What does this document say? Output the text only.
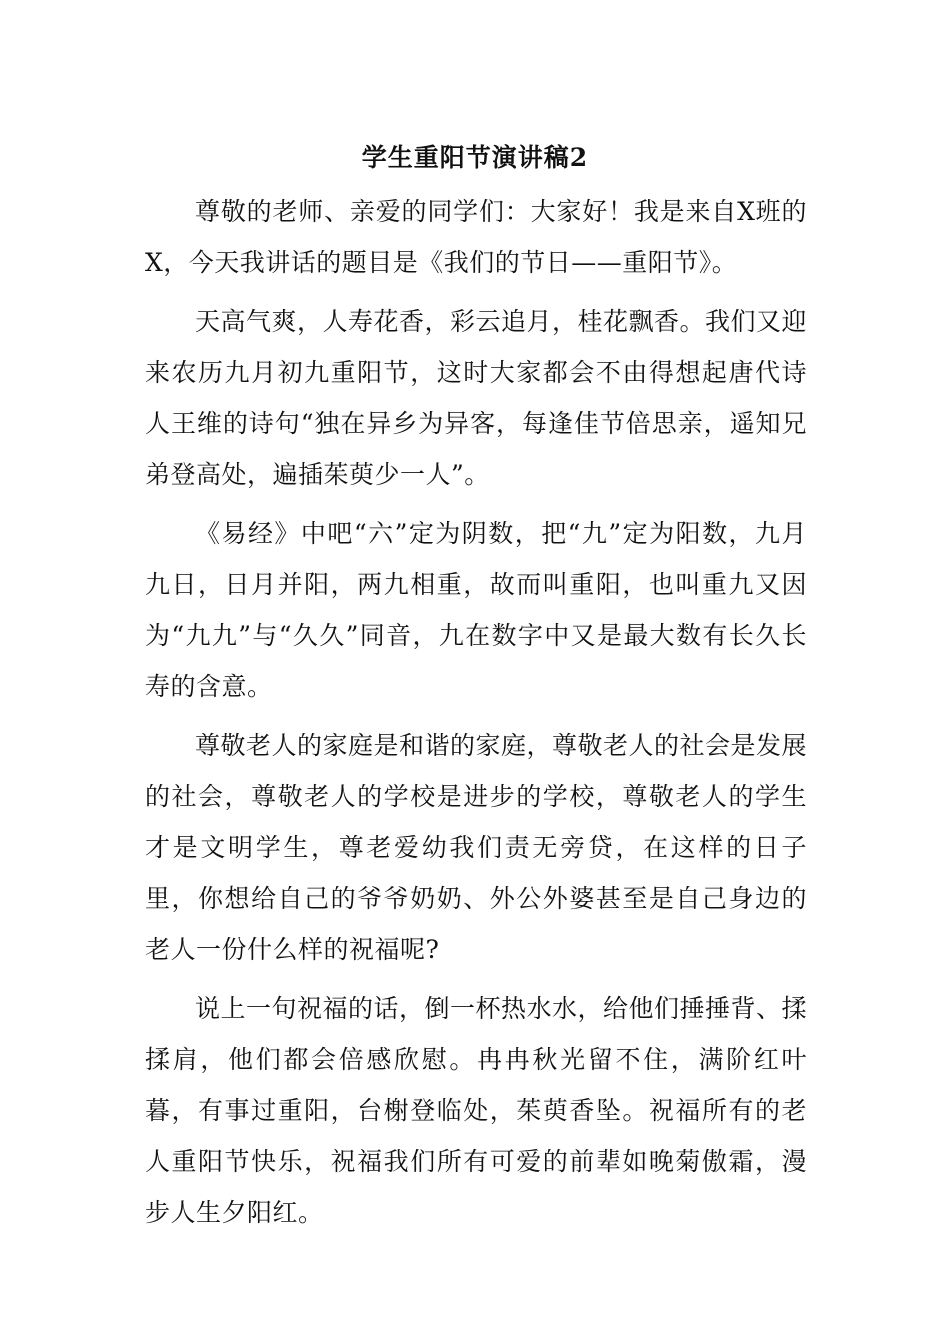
学生重阳节演讲稿2

尊敬的老师、亲爱的同学们：大家好！我是来自X班的X，今天我讲话的题目是《我们的节日——重阳节》。

天高气爽，人寿花香，彩云追月，桂花飘香。我们又迎来农历九月初九重阳节，这时大家都会不由得想起唐代诗人王维的诗句“独在异乡为异客，每逢佳节倍思亲，遥知兄弟登高处，遍插茱萸少一人”。

《易经》中吧“六”定为阴数，把“九”定为阳数，九月九日，日月并阳，两九相重，故而叫重阳，也叫重九又因为“九九”与“久久”同音，九在数字中又是最大数有长久长寿的含意。

尊敬老人的家庭是和谐的家庭，尊敬老人的社会是发展的社会，尊敬老人的学校是进步的学校，尊敬老人的学生才是文明学生，尊老爱幼我们责无旁贷，在这样的日子里，你想给自己的爷爷奶奶、外公外婆甚至是自己身边的老人一份什么样的祝福呢?

说上一句祝福的话，倒一杯热水水，给他们捶捶背、揉揉肩，他们都会倍感欣慰。冉冉秋光留不住，满阶红叶暮，有事过重阳，台榭登临处，茱萸香坠。祝福所有的老人重阳节快乐，祝福我们所有可爱的前辈如晚菊傲霜，漫步人生夕阳红。
